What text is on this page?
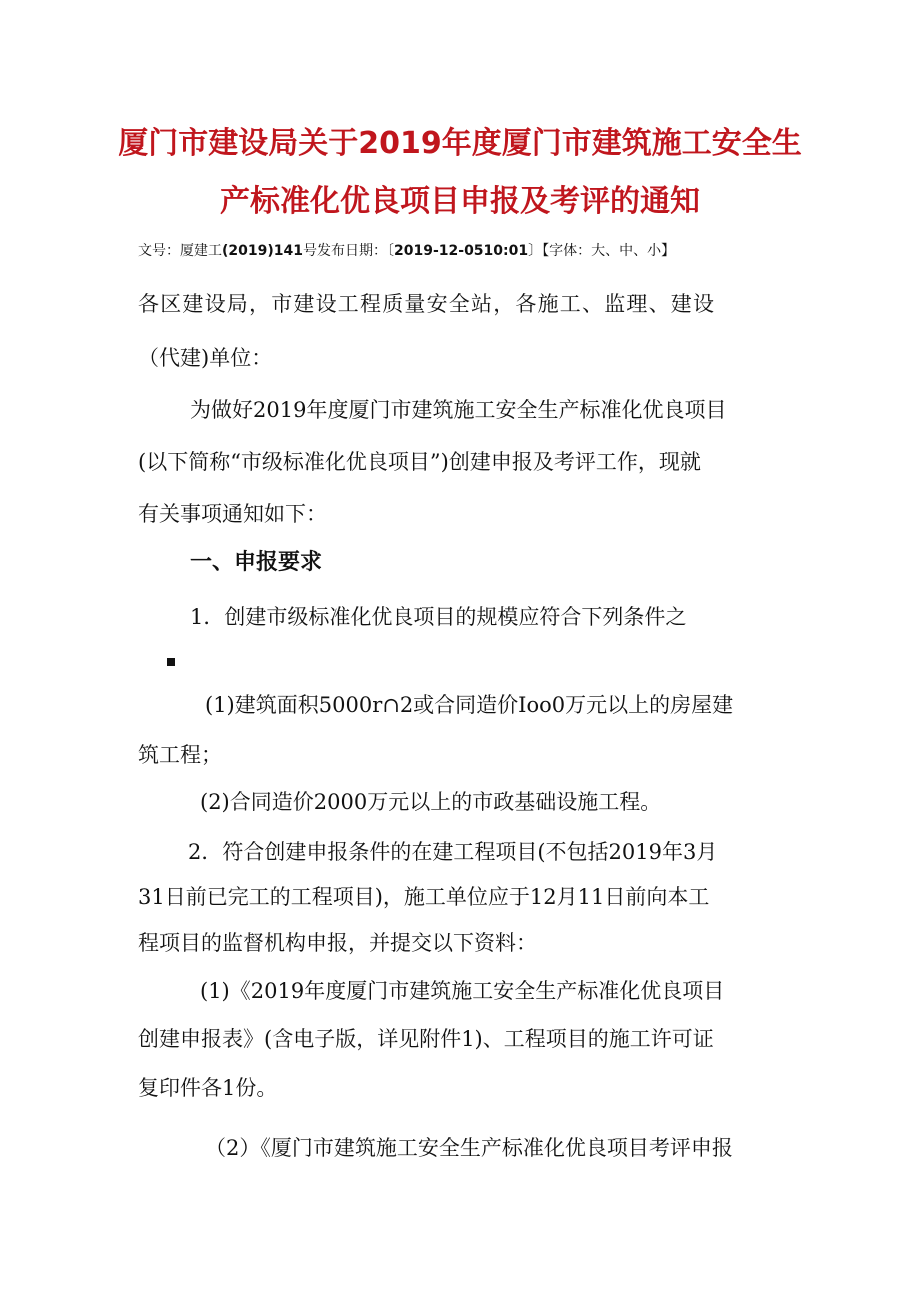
厦门市建设局关于2019年度厦门市建筑施工安全生
产标准化优良项目申报及考评的通知
文号：厦建工(2019)141号发布日期：〔2019-12-0510:01〕【字体：大、中、小】
各区建设局，市建设工程质量安全站，各施工、监理、建设
（代建)单位：
为做好2019年度厦门市建筑施工安全生产标准化优良项目
(以下简称“市级标准化优良项目”)创建申报及考评工作，现就
有关事项通知如下：
一、申报要求
1．创建市级标准化优良项目的规模应符合下列条件之
(1)建筑面积5000r∩2或合同造价Ioo0万元以上的房屋建
筑工程；
(2)合同造价2000万元以上的市政基础设施工程。
2．符合创建申报条件的在建工程项目(不包括2019年3月
31日前已完工的工程项目)，施工单位应于12月11日前向本工
程项目的监督机构申报，并提交以下资料：
(1)《2019年度厦门市建筑施工安全生产标准化优良项目
创建申报表》(含电子版，详见附件1)、工程项目的施工许可证
复印件各1份。
（2）《厦门市建筑施工安全生产标准化优良项目考评申报
